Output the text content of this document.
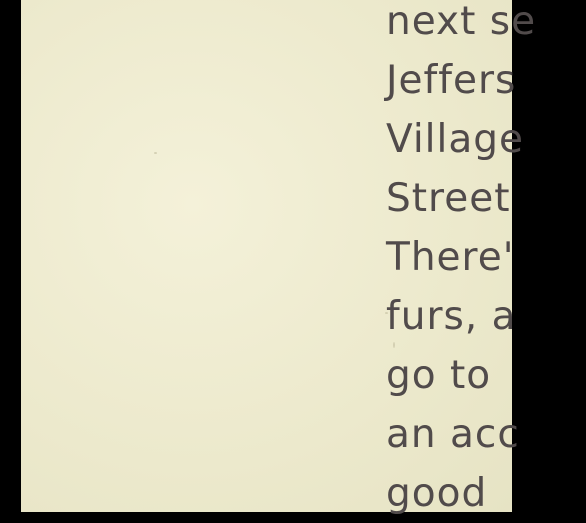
next se
Jeffers
Village
Street
There'
furs, a
go to
an acc
good
